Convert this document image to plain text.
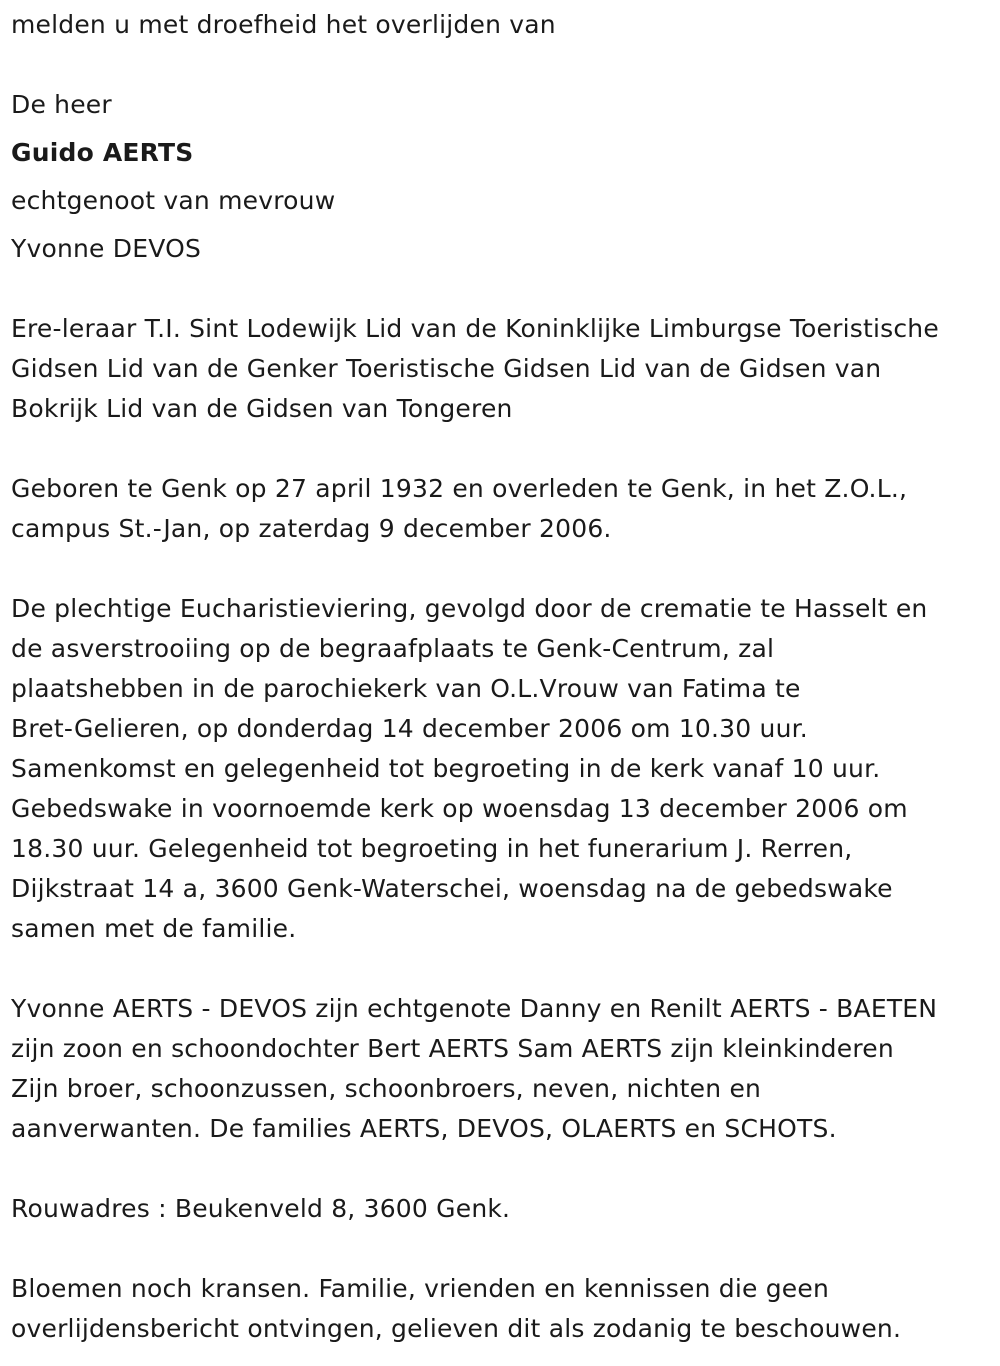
melden u met droefheid het overlijden van
De heer
Guido AERTS
echtgenoot van mevrouw
Yvonne DEVOS
Ere-leraar T.I. Sint Lodewijk Lid van de Koninklijke Limburgse Toeristische
Gidsen Lid van de Genker Toeristische Gidsen Lid van de Gidsen van
Bokrijk Lid van de Gidsen van Tongeren
Geboren te Genk op 27 april 1932 en overleden te Genk, in het Z.O.L.,
campus St.-Jan, op zaterdag 9 december 2006.
De plechtige Eucharistieviering, gevolgd door de crematie te Hasselt en
de asverstrooiing op de begraafplaats te Genk-Centrum, zal
plaatshebben in de parochiekerk van O.L.Vrouw van Fatima te
Bret-Gelieren, op donderdag 14 december 2006 om 10.30 uur.
Samenkomst en gelegenheid tot begroeting in de kerk vanaf 10 uur.
Gebedswake in voornoemde kerk op woensdag 13 december 2006 om
18.30 uur. Gelegenheid tot begroeting in het funerarium J. Rerren,
Dijkstraat 14 a, 3600 Genk-Waterschei, woensdag na de gebedswake
samen met de familie.
Yvonne AERTS - DEVOS zijn echtgenote Danny en Renilt AERTS - BAETEN
zijn zoon en schoondochter Bert AERTS Sam AERTS zijn kleinkinderen
Zijn broer, schoonzussen, schoonbroers, neven, nichten en
aanverwanten. De families AERTS, DEVOS, OLAERTS en SCHOTS.
Rouwadres : Beukenveld 8, 3600 Genk.
Bloemen noch kransen. Familie, vrienden en kennissen die geen
overlijdensbericht ontvingen, gelieven dit als zodanig te beschouwen.
